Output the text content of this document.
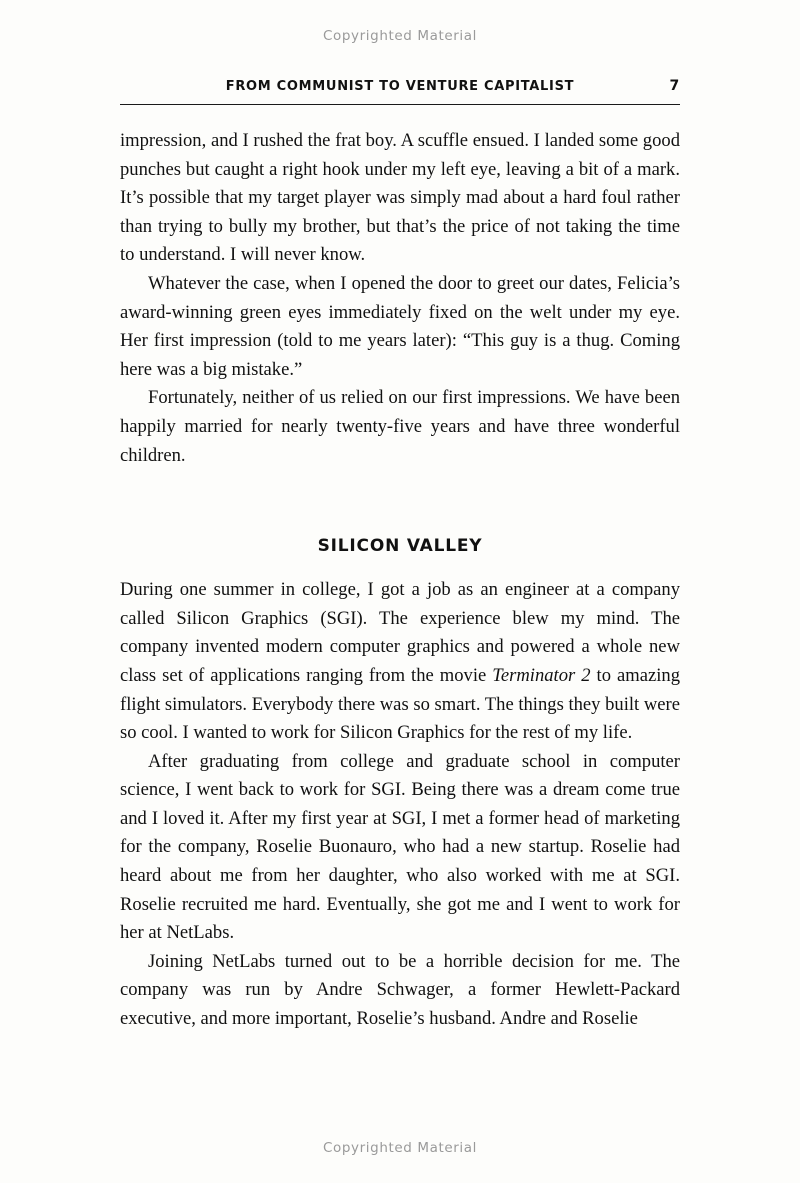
Copyrighted Material
FROM COMMUNIST TO VENTURE CAPITALIST	7

impression, and I rushed the frat boy. A scuffle ensued. I landed some good punches but caught a right hook under my left eye, leaving a bit of a mark. It’s possible that my target player was simply mad about a hard foul rather than trying to bully my brother, but that’s the price of not taking the time to understand. I will never know.

Whatever the case, when I opened the door to greet our dates, Felicia’s award-winning green eyes immediately fixed on the welt under my eye. Her first impression (told to me years later): “This guy is a thug. Coming here was a big mistake.”

Fortunately, neither of us relied on our first impressions. We have been happily married for nearly twenty-five years and have three wonderful children.

SILICON VALLEY

During one summer in college, I got a job as an engineer at a company called Silicon Graphics (SGI). The experience blew my mind. The company invented modern computer graphics and powered a whole new class set of applications ranging from the movie Terminator 2 to amazing flight simulators. Everybody there was so smart. The things they built were so cool. I wanted to work for Silicon Graphics for the rest of my life.

After graduating from college and graduate school in computer science, I went back to work for SGI. Being there was a dream come true and I loved it. After my first year at SGI, I met a former head of marketing for the company, Roselie Buonauro, who had a new startup. Roselie had heard about me from her daughter, who also worked with me at SGI. Roselie recruited me hard. Eventually, she got me and I went to work for her at NetLabs.

Joining NetLabs turned out to be a horrible decision for me. The company was run by Andre Schwager, a former Hewlett-Packard executive, and more important, Roselie’s husband. Andre and Roselie

Copyrighted Material
